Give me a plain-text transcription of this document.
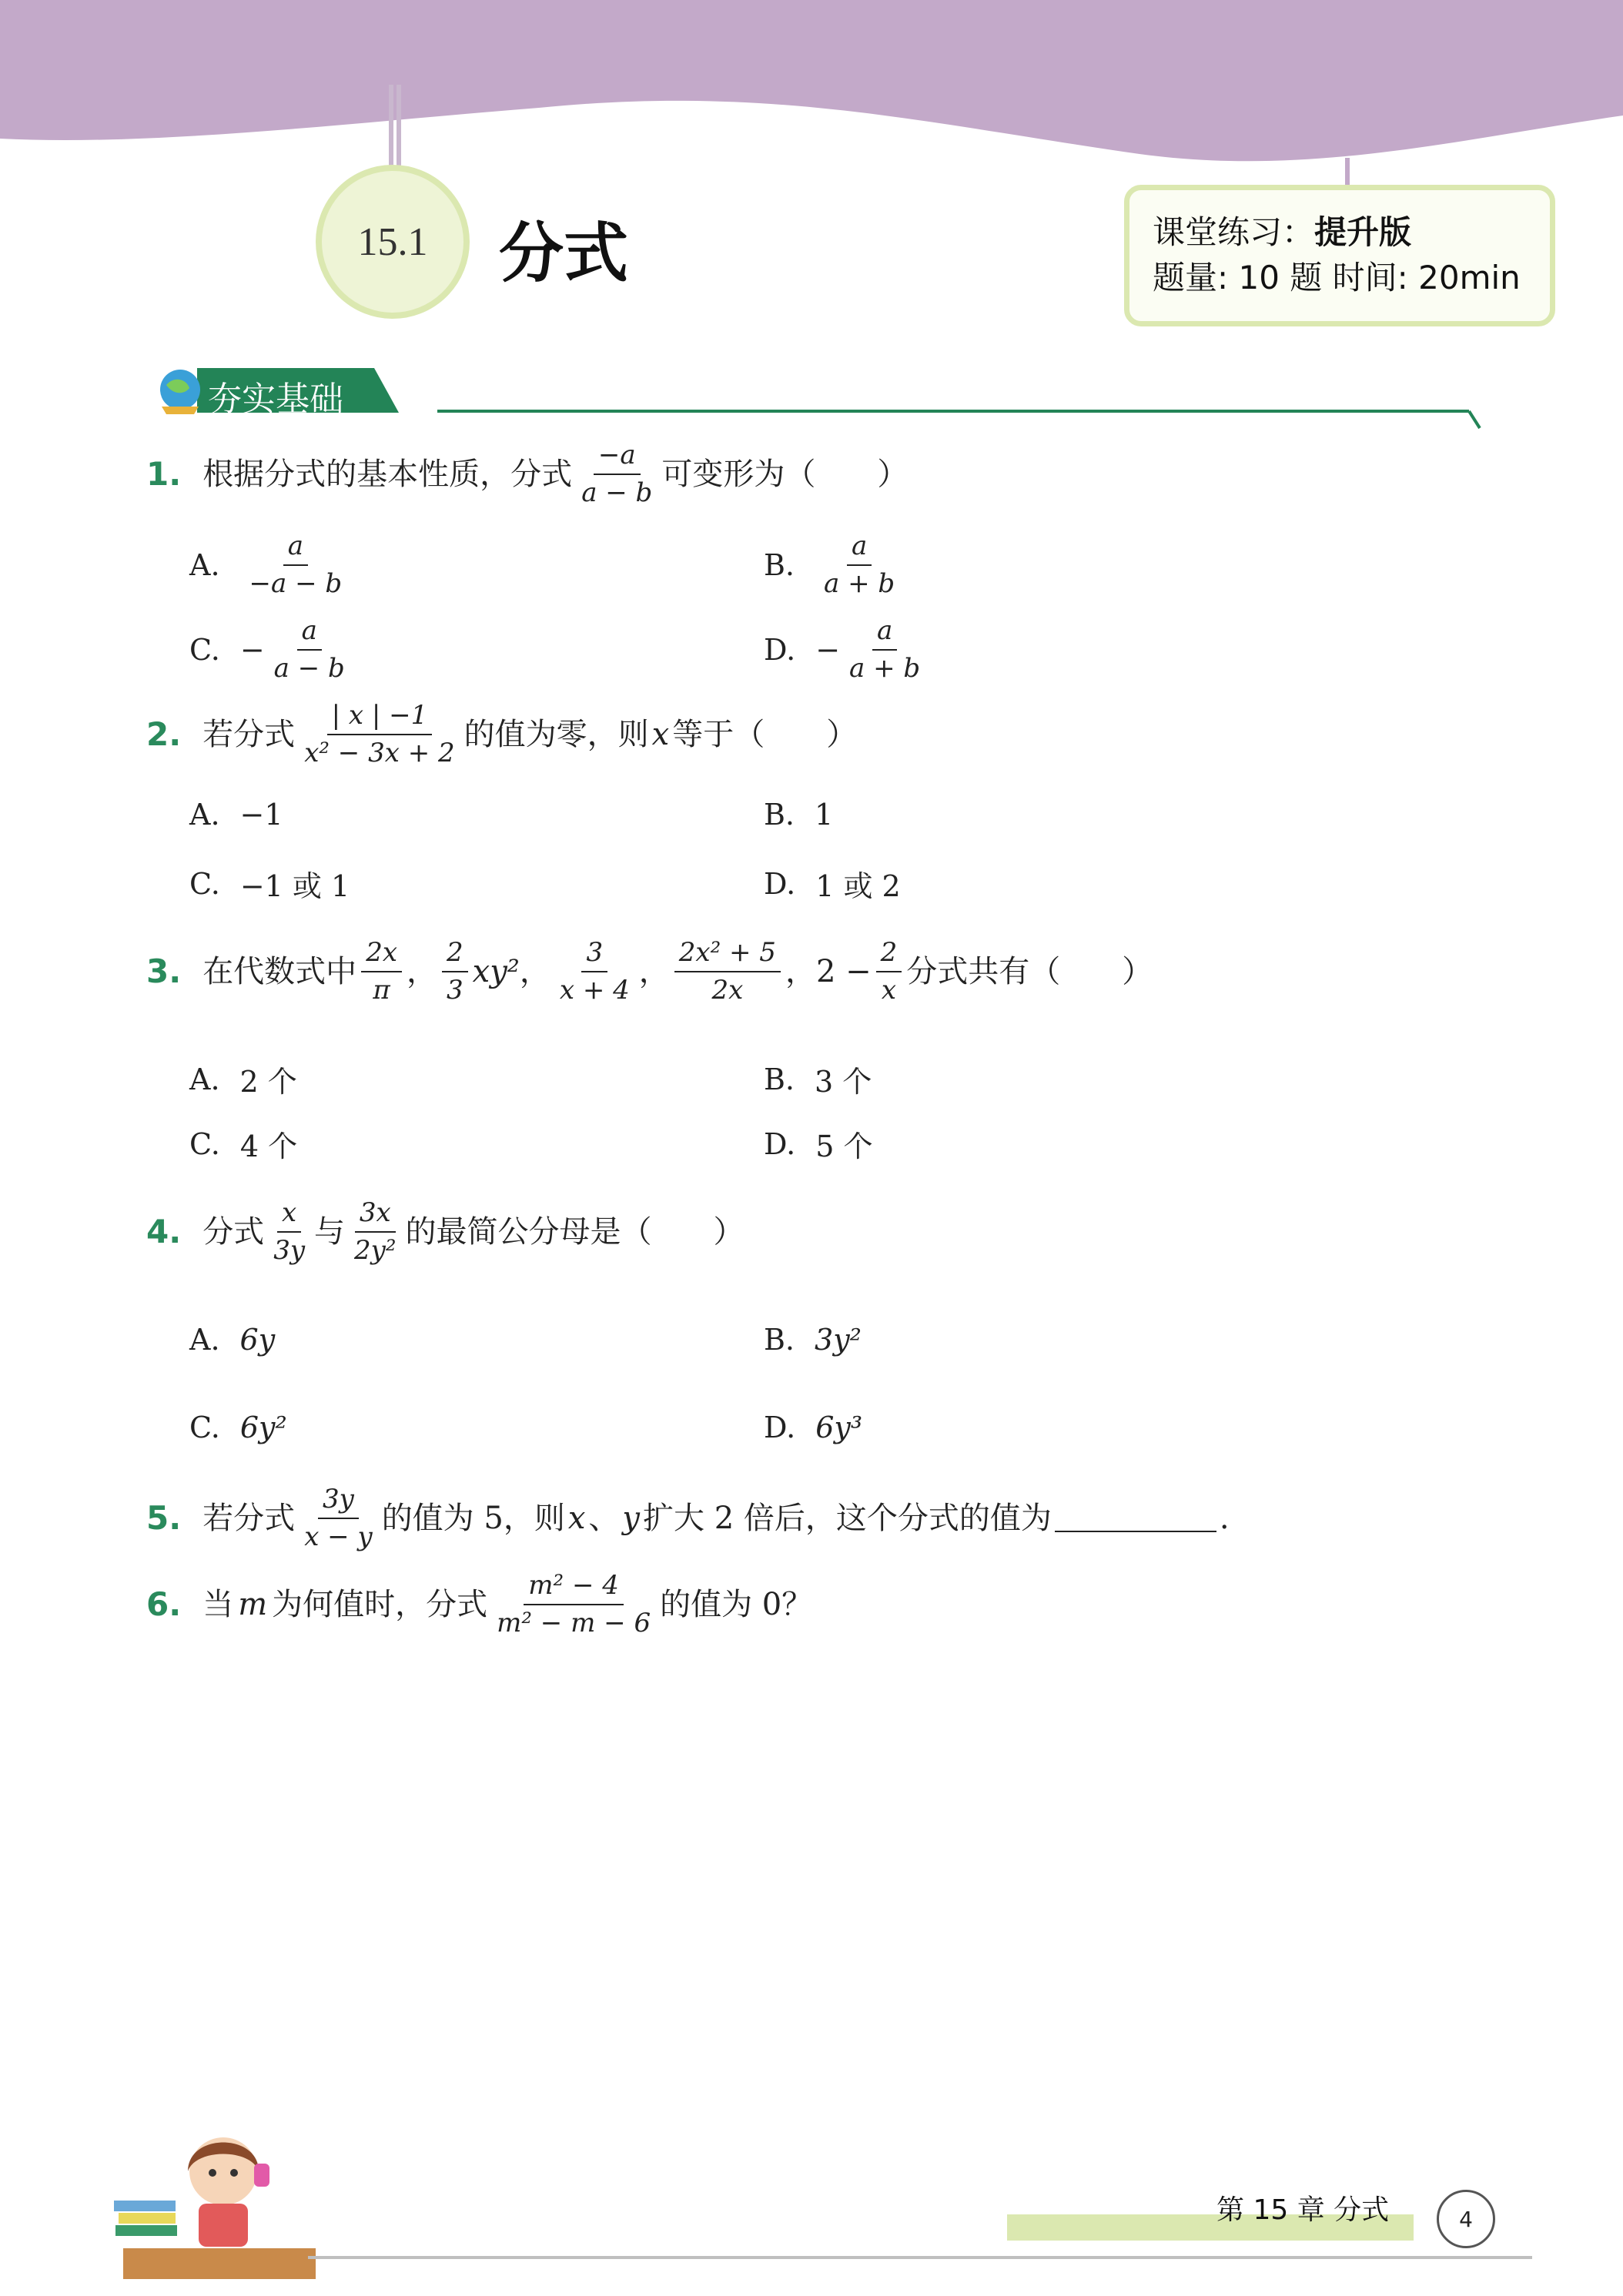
15.1 分式	课堂练习：提升版
题量: 10 题 时间: 20min
夯实基础
1. 根据分式的基本性质，分式 $\frac{-a}{a - b}$ 可变形为（　　）
A. $\frac{a}{-a - b}$	B. $\frac{a}{a + b}$
C. − $\frac{a}{a - b}$	D. − $\frac{a}{a + b}$
2. 若分式 $\frac{| x | -1}{\text{x² − 3x + 2}}$ 的值为零，则 x 等于（　　）
A. −1	B. 1
C. −1 或 1	D. 1 或 2
3. 在代数式中 $\frac{2x}{\pi}$ ， $\frac{2}{3} xy^2$ ， $\frac{3}{x + 4}$ ， $\frac{\text{2x² + 5}}{2x}$ ， $2 - \frac{2}{x}$ 分式共有（　　）
A. 2 个	B. 3 个
C. 4 个	D. 5 个
4. 分式 $\frac{x}{3y}$ 与 $\frac{3x}{\text{2y²}}$ 的最简公分母是（　　）
A. 6y	B. 3y²
C. 6y²	D. 6y³
5. 若分式 $\frac{3y}{x - y}$ 的值为 5，则 x 、 y 扩大 2 倍后，这个分式的值为	.
6. 当 m 为何值时，分式 $\frac{\text{m² − 4}}{\text{m² − m − 6}}$ 的值为 0？
第 15 章 分式	4
